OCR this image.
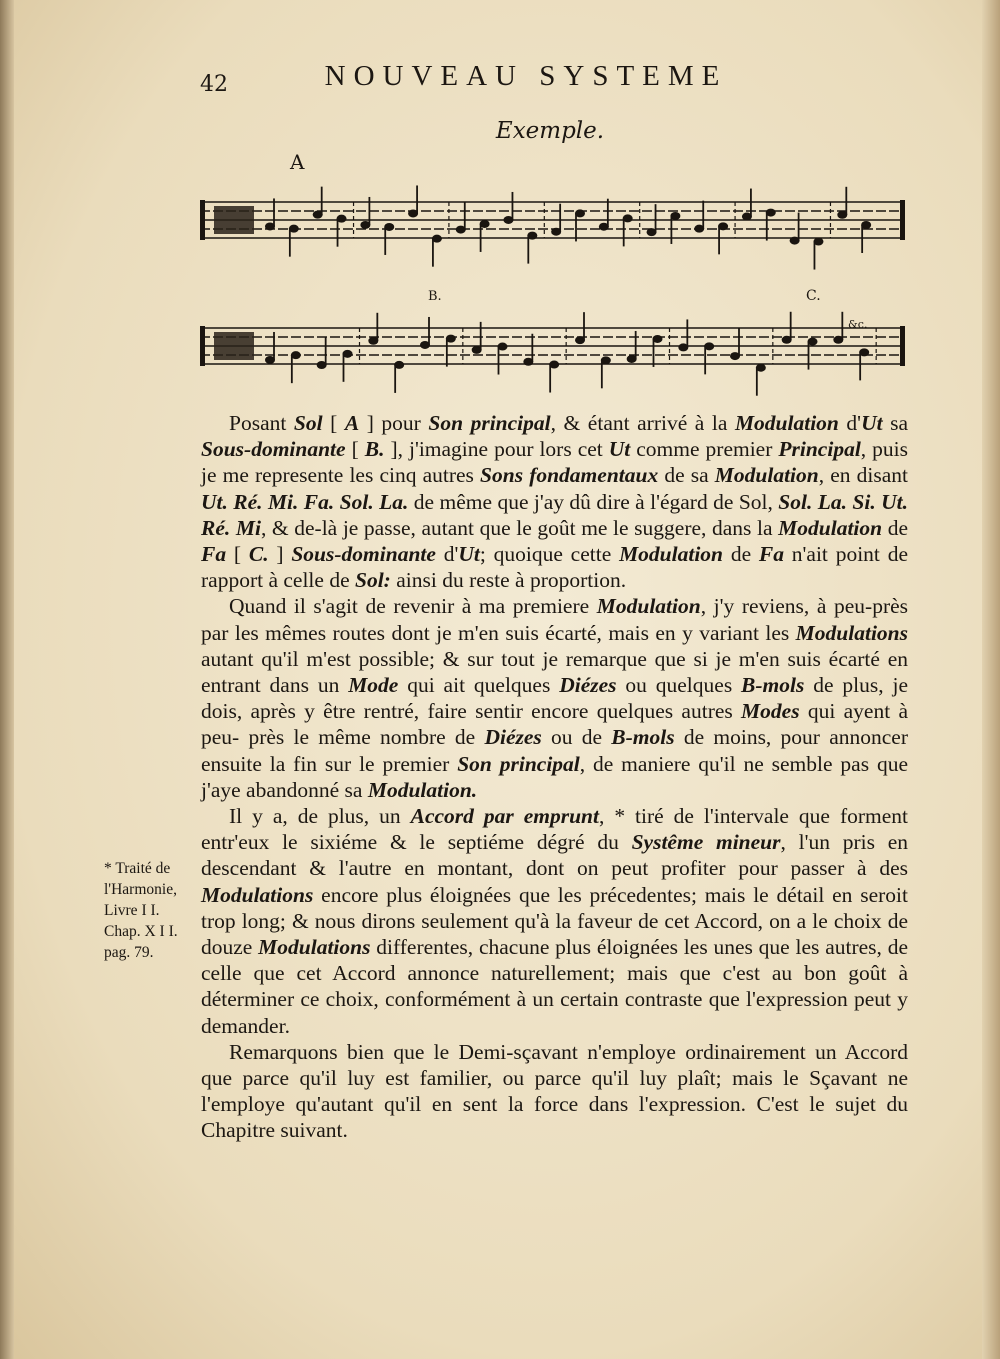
42	NOUVEAU SYSTEME
Exemple.
A
B.	C.
&c.

Posant Sol [ A ] pour Son principal, & étant arrivé à la Modulation d'Ut sa Sous-dominante [ B. ], j'imagine pour lors cet Ut comme premier Principal, puis je me represente les cinq autres Sons fondamentaux de sa Modulation, en disant Ut. Ré. Mi. Fa. Sol. La. de même que j'ay dû dire à l'égard de Sol, Sol. La. Si. Ut. Ré. Mi, & de-là je passe, autant que le goût me le suggere, dans la Modulation de Fa [ C. ] Sous-dominante d'Ut; quoique cette Modulation de Fa n'ait point de rapport à celle de Sol: ainsi du reste à proportion.

Quand il s'agit de revenir à ma premiere Modulation, j'y reviens, à peu-près par les mêmes routes dont je m'en suis écarté, mais en y variant les Modulations autant qu'il m'est possible; & sur tout je remarque que si je m'en suis écarté en entrant dans un Mode qui ait quelques Diézes ou quelques B-mols de plus, je dois, après y être rentré, faire sentir encore quelques autres Modes qui ayent à peu- près le même nombre de Diézes ou de B-mols de moins, pour annoncer ensuite la fin sur le premier Son principal, de maniere qu'il ne semble pas que j'aye abandonné sa Modulation.

Il y a, de plus, un Accord par emprunt, * tiré de l'intervale que forment entr'eux le sixiéme & le septiéme dégré du Systême mineur, l'un pris en descendant & l'autre en montant, dont on peut profiter pour passer à des Modulations encore plus éloignées que les précedentes; mais le détail en seroit trop long; & nous dirons seulement qu'à la faveur de cet Accord, on a le choix de douze Modulations differentes, chacune plus éloignées les unes que les autres, de celle que cet Accord annonce naturellement; mais que c'est au bon goût à déterminer ce choix, conformément à un certain contraste que l'expression peut y demander.

Remarquons bien que le Demi-sçavant n'employe ordinairement un Accord que parce qu'il luy est familier, ou parce qu'il luy plaît; mais le Sçavant ne l'employe qu'autant qu'il en sent la force dans l'expression. C'est le sujet du Chapitre suivant.

* Traité de
l'Harmonie,
Livre I I.
Chap. X I I.
pag. 79.
